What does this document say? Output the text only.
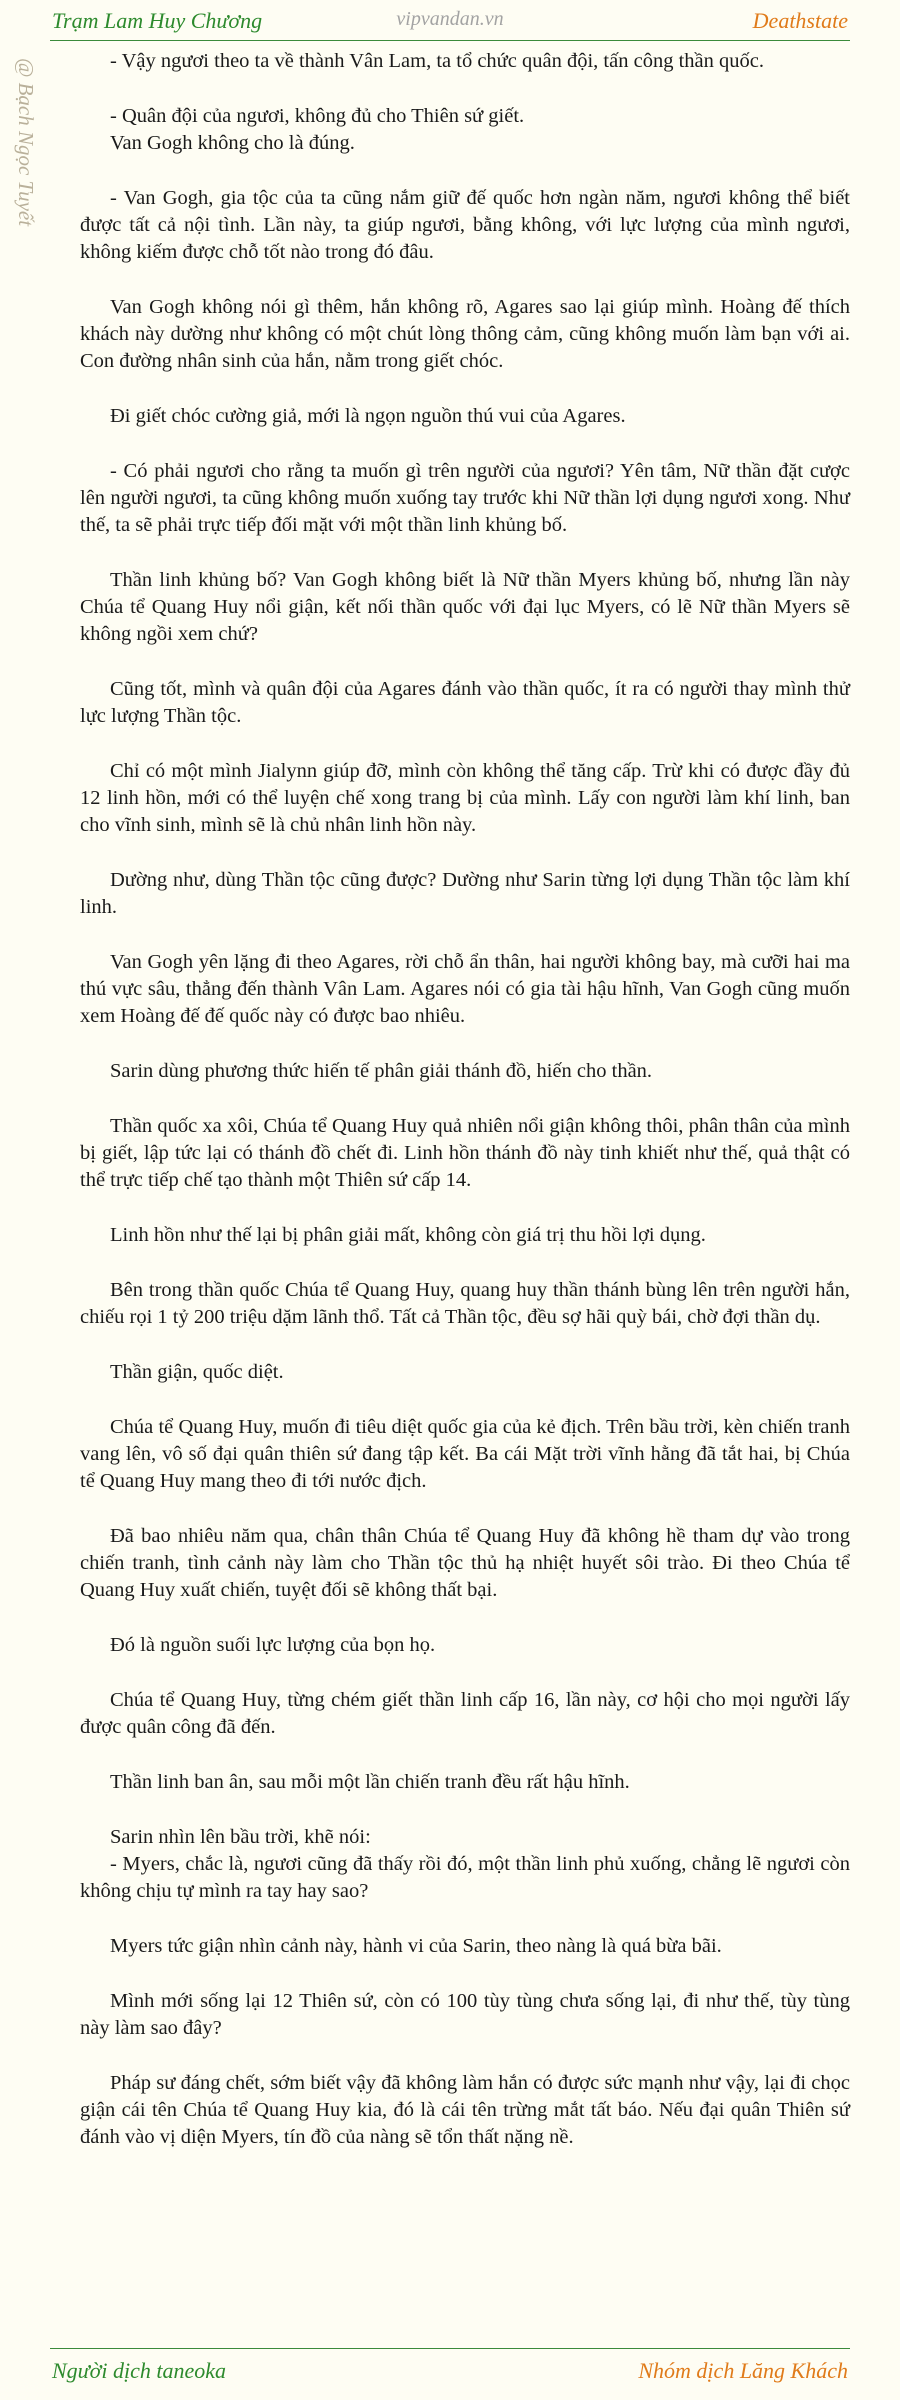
Trạm Lam Huy Chương	vipvandan.vn	Deathstate
@ Bạch Ngọc Tuyết	- Vậy ngươi theo ta về thành Vân Lam, ta tổ chức quân đội, tấn công thần quốc.

- Quân đội của ngươi, không đủ cho Thiên sứ giết.
Van Gogh không cho là đúng.

- Van Gogh, gia tộc của ta cũng nắm giữ đế quốc hơn ngàn năm, ngươi không thể biết được tất cả nội tình. Lần này, ta giúp ngươi, bằng không, với lực lượng của mình ngươi, không kiếm được chỗ tốt nào trong đó đâu.

Van Gogh không nói gì thêm, hắn không rõ, Agares sao lại giúp mình. Hoàng đế thích khách này dường như không có một chút lòng thông cảm, cũng không muốn làm bạn với ai. Con đường nhân sinh của hắn, nằm trong giết chóc.

Đi giết chóc cường giả, mới là ngọn nguồn thú vui của Agares.

- Có phải ngươi cho rằng ta muốn gì trên người của ngươi? Yên tâm, Nữ thần đặt cược lên người ngươi, ta cũng không muốn xuống tay trước khi Nữ thần lợi dụng ngươi xong. Như thế, ta sẽ phải trực tiếp đối mặt với một thần linh khủng bố.

Thần linh khủng bố? Van Gogh không biết là Nữ thần Myers khủng bố, nhưng lần này Chúa tể Quang Huy nổi giận, kết nối thần quốc với đại lục Myers, có lẽ Nữ thần Myers sẽ không ngồi xem chứ?

Cũng tốt, mình và quân đội của Agares đánh vào thần quốc, ít ra có người thay mình thử lực lượng Thần tộc.

Chỉ có một mình Jialynn giúp đỡ, mình còn không thể tăng cấp. Trừ khi có được đầy đủ 12 linh hồn, mới có thể luyện chế xong trang bị của mình. Lấy con người làm khí linh, ban cho vĩnh sinh, mình sẽ là chủ nhân linh hồn này.

Dường như, dùng Thần tộc cũng được? Dường như Sarin từng lợi dụng Thần tộc làm khí linh.

Van Gogh yên lặng đi theo Agares, rời chỗ ẩn thân, hai người không bay, mà cưỡi hai ma thú vực sâu, thẳng đến thành Vân Lam. Agares nói có gia tài hậu hĩnh, Van Gogh cũng muốn xem Hoàng đế đế quốc này có được bao nhiêu.

Sarin dùng phương thức hiến tế phân giải thánh đồ, hiến cho thần.

Thần quốc xa xôi, Chúa tể Quang Huy quả nhiên nổi giận không thôi, phân thân của mình bị giết, lập tức lại có thánh đồ chết đi. Linh hồn thánh đồ này tinh khiết như thế, quả thật có thể trực tiếp chế tạo thành một Thiên sứ cấp 14.

Linh hồn như thế lại bị phân giải mất, không còn giá trị thu hồi lợi dụng.

Bên trong thần quốc Chúa tể Quang Huy, quang huy thần thánh bùng lên trên người hắn, chiếu rọi 1 tỷ 200 triệu dặm lãnh thổ. Tất cả Thần tộc, đều sợ hãi quỳ bái, chờ đợi thần dụ.

Thần giận, quốc diệt.

Chúa tể Quang Huy, muốn đi tiêu diệt quốc gia của kẻ địch. Trên bầu trời, kèn chiến tranh vang lên, vô số đại quân thiên sứ đang tập kết. Ba cái Mặt trời vĩnh hằng đã tắt hai, bị Chúa tể Quang Huy mang theo đi tới nước địch.

Đã bao nhiêu năm qua, chân thân Chúa tể Quang Huy đã không hề tham dự vào trong chiến tranh, tình cảnh này làm cho Thần tộc thủ hạ nhiệt huyết sôi trào. Đi theo Chúa tể Quang Huy xuất chiến, tuyệt đối sẽ không thất bại.

Đó là nguồn suối lực lượng của bọn họ.

Chúa tể Quang Huy, từng chém giết thần linh cấp 16, lần này, cơ hội cho mọi người lấy được quân công đã đến.

Thần linh ban ân, sau mỗi một lần chiến tranh đều rất hậu hĩnh.

Sarin nhìn lên bầu trời, khẽ nói:
- Myers, chắc là, ngươi cũng đã thấy rồi đó, một thần linh phủ xuống, chẳng lẽ ngươi còn không chịu tự mình ra tay hay sao?

Myers tức giận nhìn cảnh này, hành vi của Sarin, theo nàng là quá bừa bãi.

Mình mới sống lại 12 Thiên sứ, còn có 100 tùy tùng chưa sống lại, đi như thế, tùy tùng này làm sao đây?

Pháp sư đáng chết, sớm biết vậy đã không làm hắn có được sức mạnh như vậy, lại đi chọc giận cái tên Chúa tể Quang Huy kia, đó là cái tên trừng mắt tất báo. Nếu đại quân Thiên sứ đánh vào vị diện Myers, tín đồ của nàng sẽ tổn thất nặng nề.

Người dịch taneoka	Nhóm dịch Lăng Khách
